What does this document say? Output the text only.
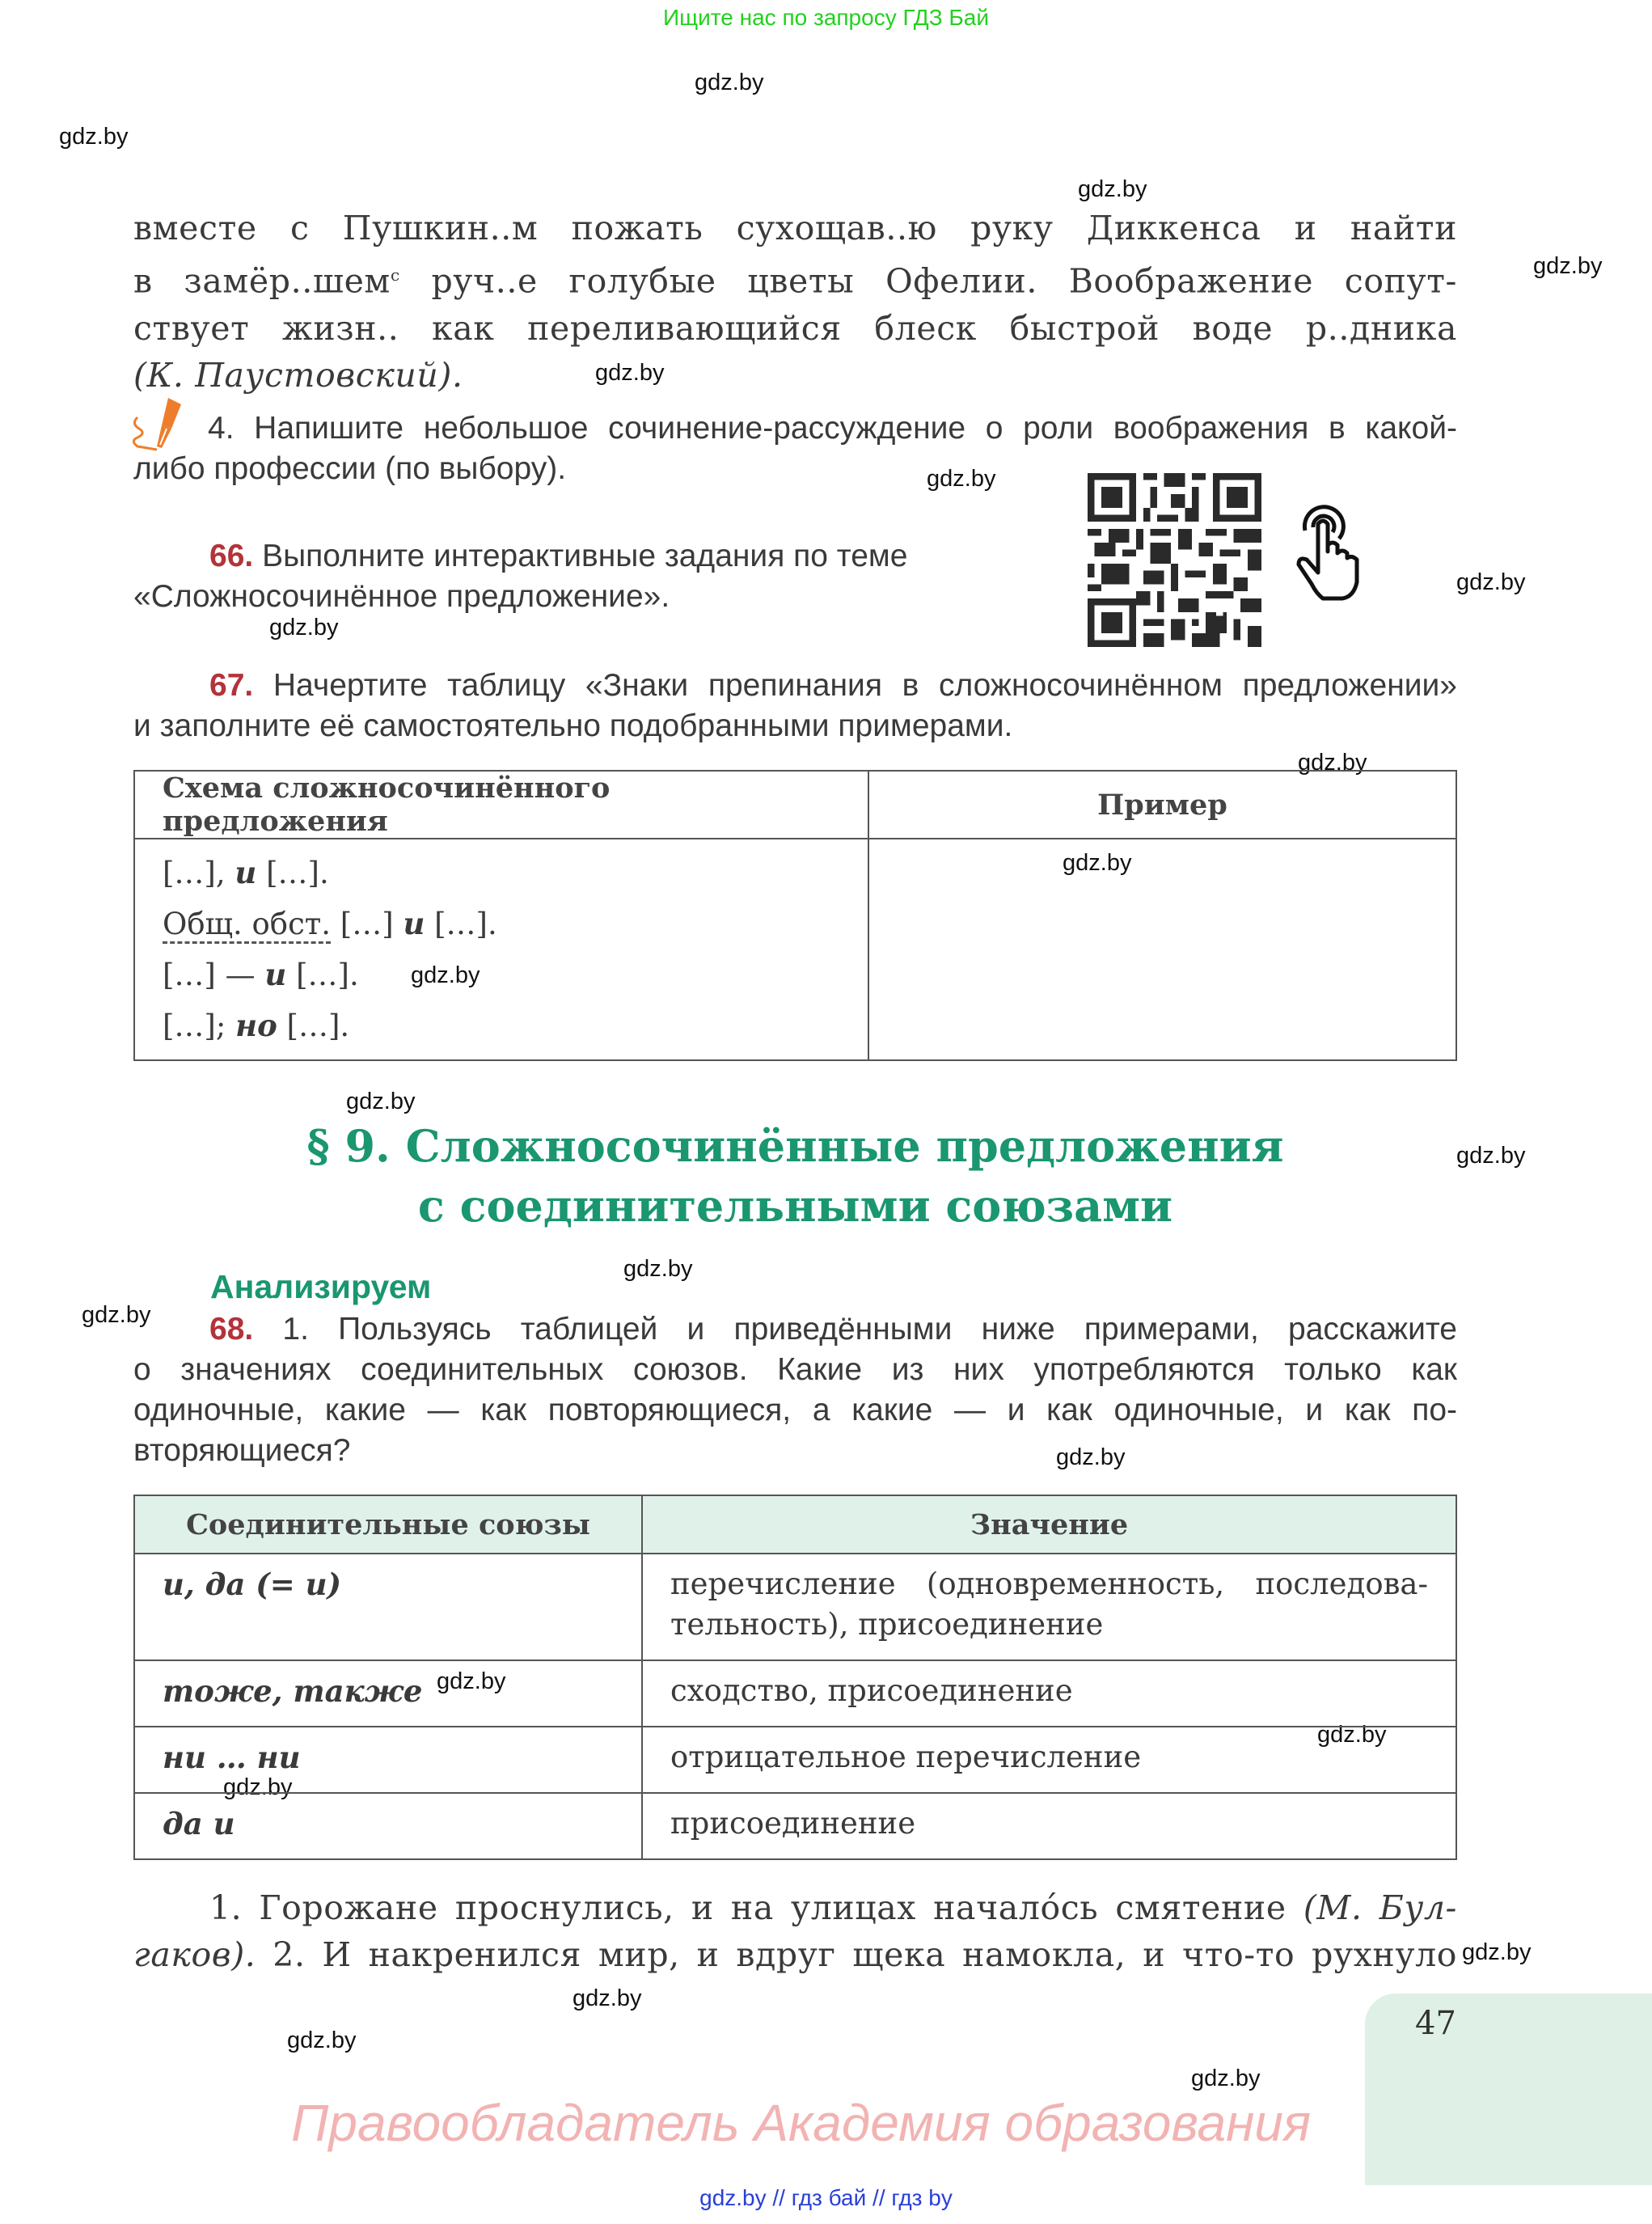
Ищите нас по запросу ГДЗ Бай
gdz.by
gdz.by
gdz.by
gdz.by
gdz.by
gdz.by
gdz.by
gdz.by
gdz.by
gdz.by
gdz.by
gdz.by
gdz.by
gdz.by
gdz.by
gdz.by
gdz.by
gdz.by
gdz.by
gdz.by
gdz.by
gdz.by
gdz.by
вместе с Пушкин..м пожать сухощав..ю руку Диккенса и найти
в замёр..шем$^с$ руч..е голубые цветы Офелии. Воображение сопут-
ствует жизн.. как переливающийся блеск быстрой воде р..дника
(К. Паустовский).
4. Напишите небольшое сочинение-рассуждение о роли воображения в какой-
либо профессии (по выбору).
66. Выполните интерактивные задания по теме
«Сложносочинённое предложение».
67. Начертите таблицу «Знаки препинания в сложносочинённом предложении»
и заполните её самостоятельно подобранными примерами.
Схема сложносочинённого предложения	Пример

[…], и […].
Общ. обст. […] и […].
[…] — и […].
[…]; но […].	

§ 9. Сложносочинённые предложения
с соединительными союзами
Анализируем
68. 1. Пользуясь таблицей и приведёнными ниже примерами, расскажите
о значениях соединительных союзов. Какие из них употребляются только как
одиночные, какие — как повторяющиеся, а какие — и как одиночные, и как по-
вторяющиеся?
Соединительные союзы	Значение
и, да (= и)	перечисление (одновременность, последова-
тельность), присоединение

тоже, также	сходство, присоединение
ни … ни	отрицательное перечисление
да и	присоединение
1. Горожане проснулись, и на улицах начало́сь смятение (М. Бул-
гаков). 2. И накренился мир, и вдруг щека намокла, и что-то рухнуло
47
Правообладатель Академия образования
gdz.by // гдз бай // гдз by
